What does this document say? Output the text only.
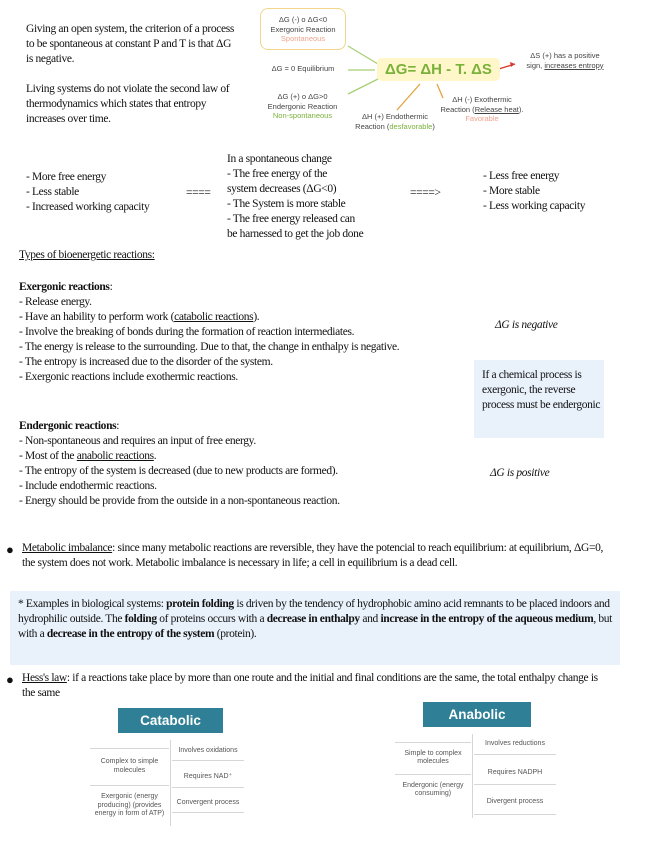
Giving an open system, the criterion of a process to be spontaneous at constant P and T is that ΔG is negative.
Living systems do not violate the second law of thermodynamics which states that entropy increases over time.
ΔG (-) o ΔG<0
Exergonic Reaction
Spontaneous
ΔG = 0 Equilibrium
ΔG (+) o ΔG>0
Endergonic Reaction
Non-spontaneous
ΔG= ΔH - T. ΔS
ΔS (+) has a positive
sign, increases entropy
ΔH (-) Exothermic
Reaction (Release heat).
Favorable
ΔH (+) Endothermic
Reaction (desfavorable)
- More free energy
- Less stable
- Increased working capacity
====
In a spontaneous change
- The free energy of the
system decreases (ΔG<0)
- The System is more stable
- The free energy released can
be harnessed to get the job done
====>
- Less free energy
- More stable
- Less working capacity
Types of bioenergetic reactions:
Exergonic reactions:
- Release energy.
- Have an hability to perform work (catabolic reactions).
- Involve the breaking of bonds during the formation of reaction intermediates.
- The energy is release to the surrounding. Due to that, the change in enthalpy is negative.
- The entropy is increased due to the disorder of the system.
- Exergonic reactions include exothermic reactions.
ΔG is negative
If a chemical process is exergonic, the reverse process must be endergonic
Endergonic reactions:
- Non-spontaneous and requires an input of free energy.
- Most of the anabolic reactions.
- The entropy of the system is decreased (due to new products are formed).
- Include endothermic reactions.
- Energy should be provide from the outside in a non-spontaneous reaction.
ΔG is positive
● Metabolic imbalance: since many metabolic reactions are reversible, they have the potencial to reach equilibrium: at equilibrium, ΔG=0, the system does not work. Metabolic imbalance is necessary in life; a cell in equilibrium is a dead cell.
* Examples in biological systems: protein folding is driven by the tendency of hydrophobic amino acid remnants to be placed indoors and hydrophilic outside. The folding of proteins occurs with a decrease in enthalpy and increase in the entropy of the aqueous medium, but with a decrease in the entropy of the system (protein).
● Hess's law: if a reactions take place by more than one route and the initial and final conditions are the same, the total enthalpy change is the same
Catabolic
Complex to simple molecules
Exergonic (energy producing) (provides energy in form of ATP)
Involves oxidations
Requires NAD⁺
Convergent process
Anabolic
Simple to complex molecules
Endergonic (energy consuming)
Involves reductions
Requires NADPH
Divergent process
